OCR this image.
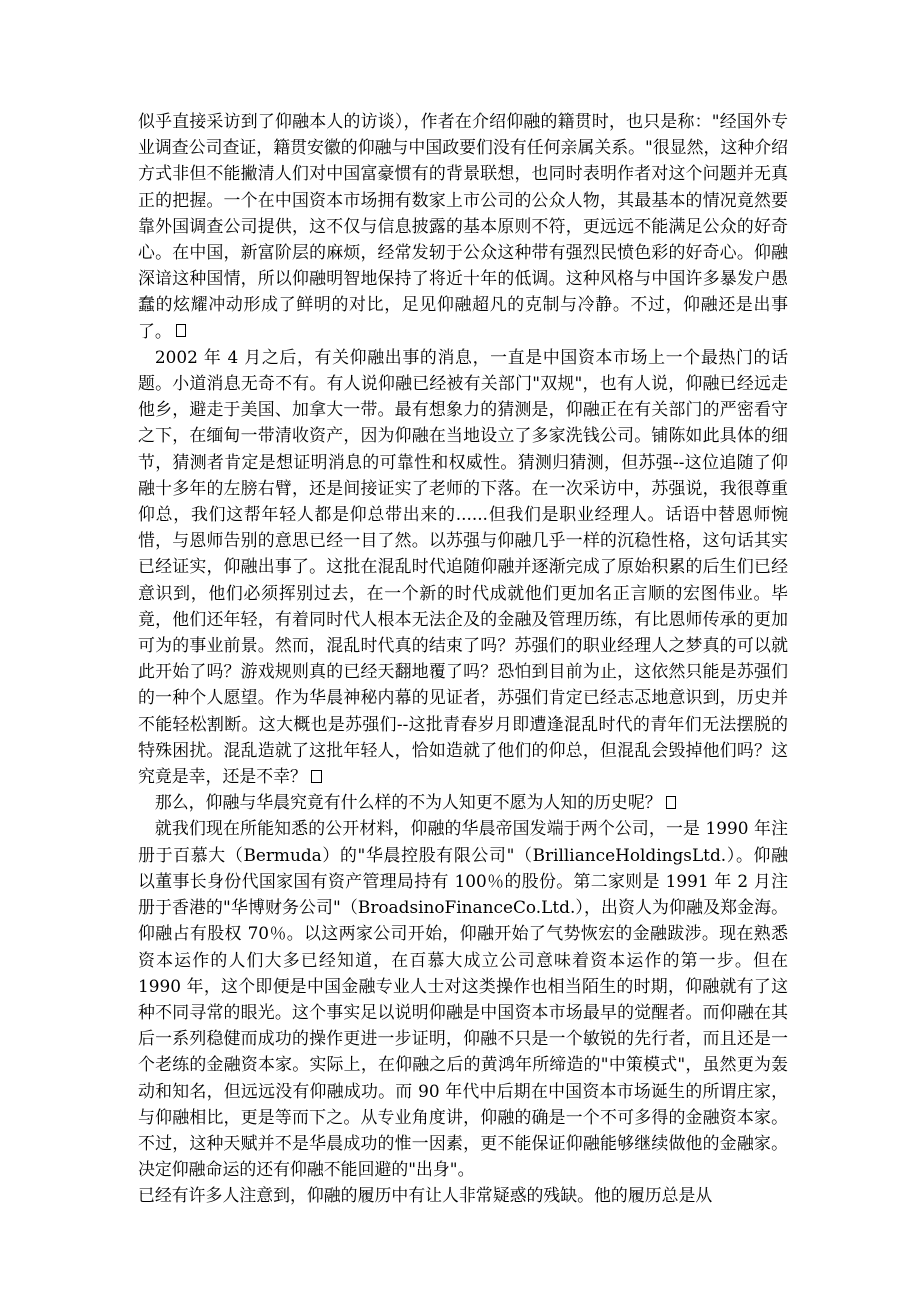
似乎直接采访到了仰融本人的访谈），作者在介绍仰融的籍贯时，也只是称："经国外专业调查公司查证，籍贯安徽的仰融与中国政要们没有任何亲属关系。"很显然，这种介绍方式非但不能撇清人们对中国富豪惯有的背景联想，也同时表明作者对这个问题并无真正的把握。一个在中国资本市场拥有数家上市公司的公众人物，其最基本的情况竟然要靠外国调查公司提供，这不仅与信息披露的基本原则不符，更远远不能满足公众的好奇心。在中国，新富阶层的麻烦，经常发轫于公众这种带有强烈民愤色彩的好奇心。仰融深谙这种国情，所以仰融明智地保持了将近十年的低调。这种风格与中国许多暴发户愚蠢的炫耀冲动形成了鲜明的对比，足见仰融超凡的克制与冷静。不过，仰融还是出事了。

2002 年 4 月之后，有关仰融出事的消息，一直是中国资本市场上一个最热门的话题。小道消息无奇不有。有人说仰融已经被有关部门"双规"，也有人说，仰融已经远走他乡，避走于美国、加拿大一带。最有想象力的猜测是，仰融正在有关部门的严密看守之下，在缅甸一带清收资产，因为仰融在当地设立了多家洗钱公司。铺陈如此具体的细节，猜测者肯定是想证明消息的可靠性和权威性。猜测归猜测，但苏强--这位追随了仰融十多年的左膀右臂，还是间接证实了老师的下落。在一次采访中，苏强说，我很尊重仰总，我们这帮年轻人都是仰总带出来的......但我们是职业经理人。话语中替恩师惋惜，与恩师告别的意思已经一目了然。以苏强与仰融几乎一样的沉稳性格，这句话其实已经证实，仰融出事了。这批在混乱时代追随仰融并逐渐完成了原始积累的后生们已经意识到，他们必须挥别过去，在一个新的时代成就他们更加名正言顺的宏图伟业。毕竟，他们还年轻，有着同时代人根本无法企及的金融及管理历练，有比恩师传承的更加可为的事业前景。然而，混乱时代真的结束了吗？苏强们的职业经理人之梦真的可以就此开始了吗？游戏规则真的已经天翻地覆了吗？恐怕到目前为止，这依然只能是苏强们的一种个人愿望。作为华晨神秘内幕的见证者，苏强们肯定已经志忑地意识到，历史并不能轻松割断。这大概也是苏强们--这批青春岁月即遭逢混乱时代的青年们无法摆脱的特殊困扰。混乱造就了这批年轻人，恰如造就了他们的仰总，但混乱会毁掉他们吗？这究竟是幸，还是不幸？

那么，仰融与华晨究竟有什么样的不为人知更不愿为人知的历史呢？

就我们现在所能知悉的公开材料，仰融的华晨帝国发端于两个公司，一是 1990 年注册于百慕大（Bermuda）的"华晨控股有限公司"（BrillianceHoldingsLtd.）。仰融以董事长身份代国家国有资产管理局持有 100％的股份。第二家则是 1991 年 2 月注册于香港的"华博财务公司"（BroadsinoFinanceCo.Ltd.），出资人为仰融及郑金海。仰融占有股权 70％。以这两家公司开始，仰融开始了气势恢宏的金融跋涉。现在熟悉资本运作的人们大多已经知道，在百慕大成立公司意味着资本运作的第一步。但在 1990 年，这个即便是中国金融专业人士对这类操作也相当陌生的时期，仰融就有了这种不同寻常的眼光。这个事实足以说明仰融是中国资本市场最早的觉醒者。而仰融在其后一系列稳健而成功的操作更进一步证明，仰融不只是一个敏锐的先行者，而且还是一个老练的金融资本家。实际上，在仰融之后的黄鸿年所缔造的"中策模式"，虽然更为轰动和知名，但远远没有仰融成功。而 90 年代中后期在中国资本市场诞生的所谓庄家，与仰融相比，更是等而下之。从专业角度讲，仰融的确是一个不可多得的金融资本家。不过，这种天赋并不是华晨成功的惟一因素，更不能保证仰融能够继续做他的金融家。决定仰融命运的还有仰融不能回避的"出身"。

已经有许多人注意到，仰融的履历中有让人非常疑惑的残缺。他的履历总是从
